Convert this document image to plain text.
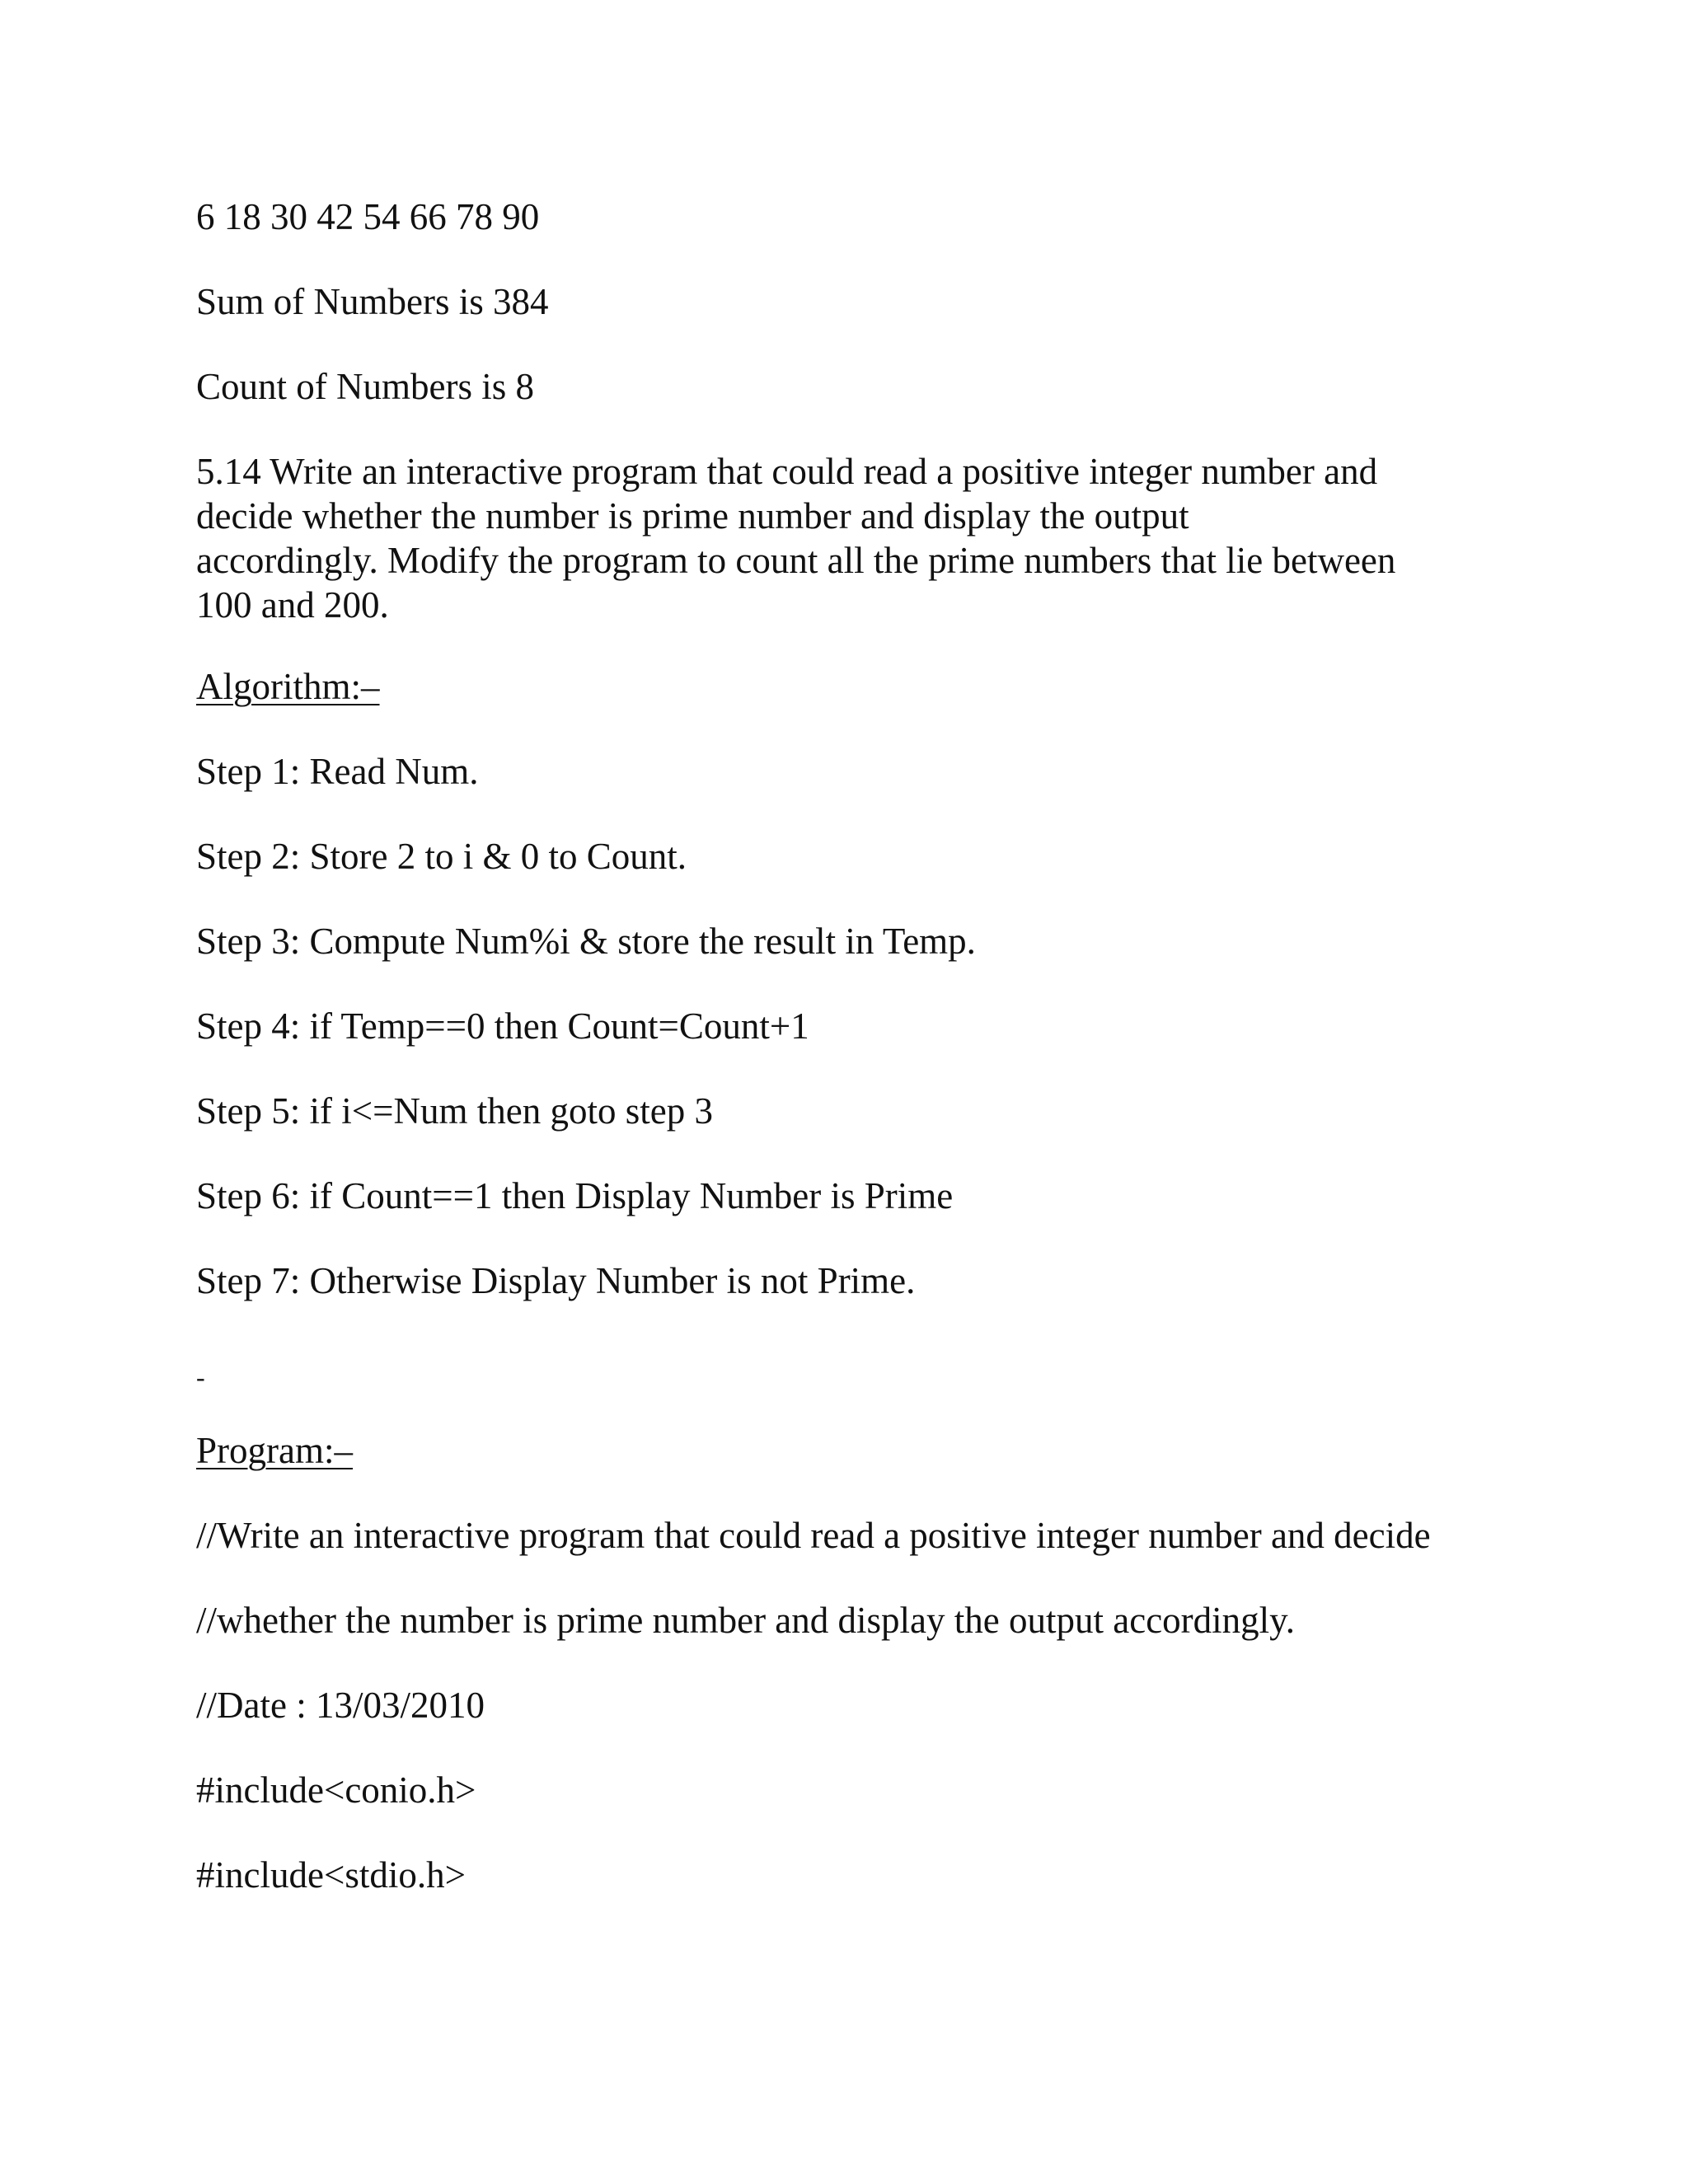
6 18 30 42 54 66 78 90

Sum of Numbers is 384

Count of Numbers is 8

5.14 Write an interactive program that could read a positive integer number and
decide whether the number is prime number and display the output
accordingly. Modify the program to count all the prime numbers that lie between
100 and 200.

Algorithm:–

Step 1: Read Num.

Step 2: Store 2 to i & 0 to Count.

Step 3: Compute Num%i & store the result in Temp.

Step 4: if Temp==0 then Count=Count+1

Step 5: if i<=Num then goto step 3

Step 6: if Count==1 then Display Number is Prime

Step 7: Otherwise Display Number is not Prime.

-

Program:–

//Write an interactive program that could read a positive integer number and decide

//whether the number is prime number and display the output accordingly.

//Date : 13/03/2010

#include<conio.h>

#include<stdio.h>
